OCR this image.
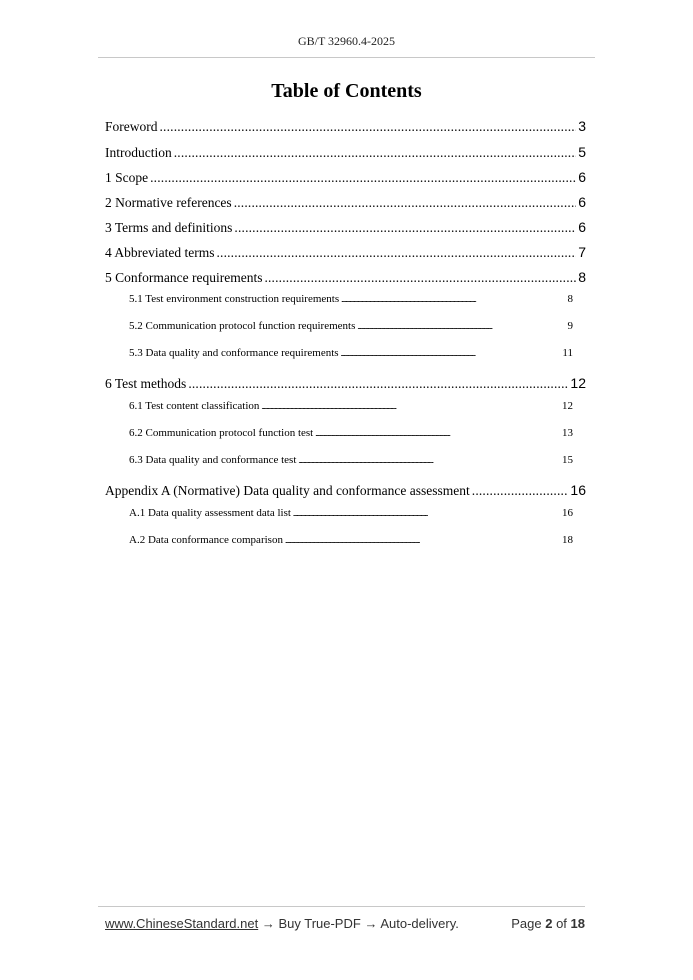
GB/T 32960.4-2025
Table of Contents
Foreword . . .	3
Introduction . . .	5
1 Scope . . .	6
2 Normative references . . .	6
3 Terms and definitions . . .	6
4 Abbreviated terms . . .	7
5 Conformance requirements . . .	8
5.1 Test environment construction requirements . . .	8
5.2 Communication protocol function requirements . . .	9
5.3 Data quality and conformance requirements . . .	11
6 Test methods . . .	12
6.1 Test content classification . . .	12
6.2 Communication protocol function test . . .	13
6.3 Data quality and conformance test . . .	15
Appendix A (Normative) Data quality and conformance assessment . . .	16
A.1 Data quality assessment data list . . .	16
A.2 Data conformance comparison . . .	18
www.ChineseStandard.net → Buy True-PDF → Auto-delivery.	Page 2 of 18
